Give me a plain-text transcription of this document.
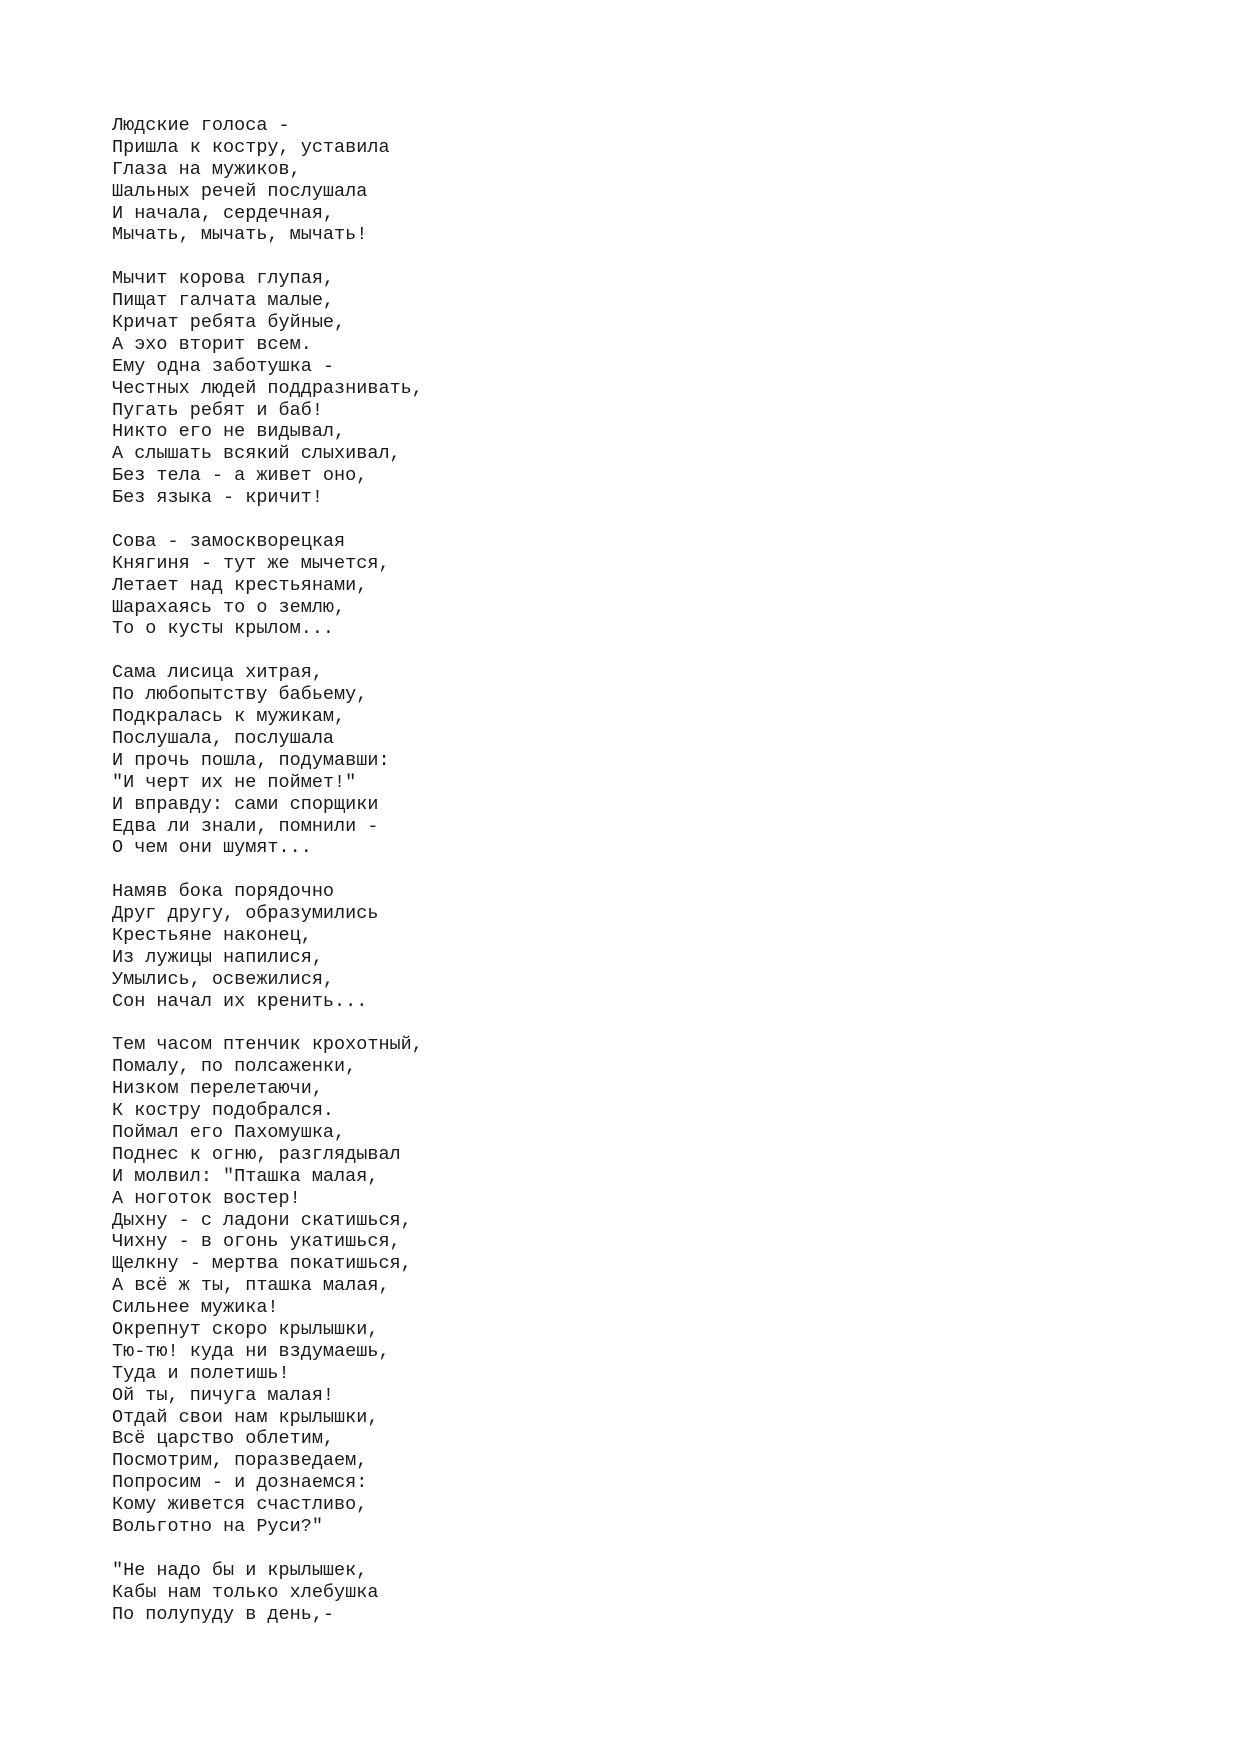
Людские голоса -
Пришла к костру, уставила
Глаза на мужиков,
Шальных речей послушала
И начала, сердечная,
Мычать, мычать, мычать!
Мычит корова глупая,
Пищат галчата малые,
Кричат ребята буйные,
А эхо вторит всем.
Ему одна заботушка -
Честных людей поддразнивать,
Пугать ребят и баб!
Никто его не видывал,
А слышать всякий слыхивал,
Без тела - а живет оно,
Без языка - кричит!
Сова - замоскворецкая
Княгиня - тут же мычется,
Летает над крестьянами,
Шарахаясь то о землю,
То о кусты крылом...
Сама лисица хитрая,
По любопытству бабьему,
Подкралась к мужикам,
Послушала, послушала
И прочь пошла, подумавши:
"И черт их не поймет!"
И вправду: сами спорщики
Едва ли знали, помнили -
О чем они шумят...
Намяв бока порядочно
Друг другу, образумились
Крестьяне наконец,
Из лужицы напилися,
Умылись, освежилися,
Сон начал их кренить...
Тем часом птенчик крохотный,
Помалу, по полсаженки,
Низком перелетаючи,
К костру подобрался.
Поймал его Пахомушка,
Поднес к огню, разглядывал
И молвил: "Пташка малая,
А ноготок востер!
Дыхну - с ладони скатишься,
Чихну - в огонь укатишься,
Щелкну - мертва покатишься,
А всё ж ты, пташка малая,
Сильнее мужика!
Окрепнут скоро крылышки,
Тю-тю! куда ни вздумаешь,
Туда и полетишь!
Ой ты, пичуга малая!
Отдай свои нам крылышки,
Всё царство облетим,
Посмотрим, поразведаем,
Попросим - и дознаемся:
Кому живется счастливо,
Вольготно на Руси?"
"Не надо бы и крылышек,
Кабы нам только хлебушка
По полупуду в день,-
